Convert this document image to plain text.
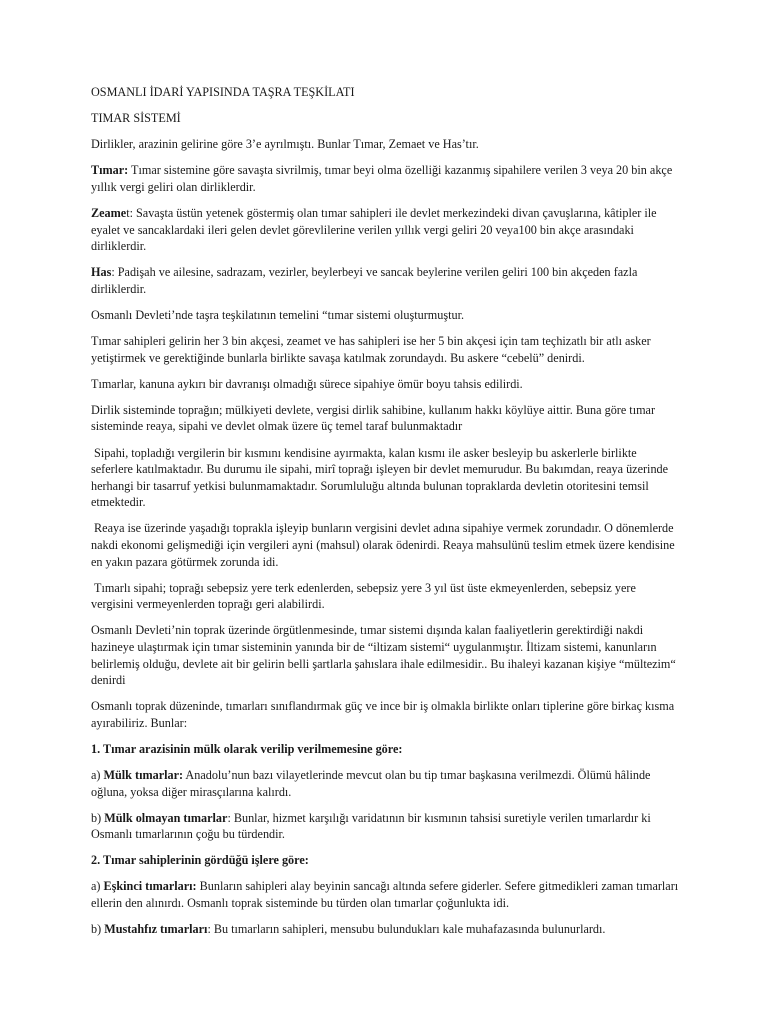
OSMANLI İDARİ YAPISINDA TAŞRA TEŞKİLATI

TIMAR SİSTEMİ

Dirlikler, arazinin gelirine göre 3’e ayrılmıştı. Bunlar Tımar, Zemaet ve Has’tır.

Tımar: Tımar sistemine göre savaşta sivrilmiş, tımar beyi olma özelliği kazanmış sipahilere verilen 3 veya 20 bin akçe yıllık vergi geliri olan dirliklerdir.

Zeamet: Savaşta üstün yetenek göstermiş olan tımar sahipleri ile devlet merkezindeki divan çavuşlarına, kâtipler ile eyalet ve sancaklardaki ileri gelen devlet görevlilerine verilen yıllık vergi geliri 20 veya100 bin akçe arasındaki dirliklerdir.

Has: Padişah ve ailesine, sadrazam, vezirler, beylerbeyi ve sancak beylerine verilen geliri 100 bin akçeden fazla dirliklerdir.

Osmanlı Devleti’nde taşra teşkilatının temelini “tımar sistemi oluşturmuştur.

Tımar sahipleri gelirin her 3 bin akçesi, zeamet ve has sahipleri ise her 5 bin akçesi için tam teçhizatlı bir atlı asker yetiştirmek ve gerektiğinde bunlarla birlikte savaşa katılmak zorundaydı. Bu askere “cebelü” denirdi.

Tımarlar, kanuna aykırı bir davranışı olmadığı sürece sipahiye ömür boyu tahsis edilirdi.

Dirlik sisteminde toprağın; mülkiyeti devlete, vergisi dirlik sahibine, kullanım hakkı köylüye aittir. Buna göre tımar sisteminde reaya, sipahi ve devlet olmak üzere üç temel taraf bulunmaktadır

Sipahi, topladığı vergilerin bir kısmını kendisine ayırmakta, kalan kısmı ile asker besleyip bu askerlerle birlikte seferlere katılmaktadır. Bu durumu ile sipahi, mirî toprağı işleyen bir devlet memurudur. Bu bakımdan, reaya üzerinde herhangi bir tasarruf yetkisi bulunmamaktadır. Sorumluluğu altında bulunan topraklarda devletin otoritesini temsil etmektedir.

Reaya ise üzerinde yaşadığı toprakla işleyip bunların vergisini devlet adına sipahiye vermek zorundadır. O dönemlerde nakdi ekonomi gelişmediği için vergileri ayni (mahsul) olarak ödenirdi. Reaya mahsulünü teslim etmek üzere kendisine en yakın pazara götürmek zorunda idi.

Tımarlı sipahi; toprağı sebepsiz yere terk edenlerden, sebepsiz yere 3 yıl üst üste ekmeyenlerden, sebepsiz yere vergisini vermeyenlerden toprağı geri alabilirdi.

Osmanlı Devleti’nin toprak üzerinde örgütlenmesinde, tımar sistemi dışında kalan faaliyetlerin gerektirdiği nakdi hazineye ulaştırmak için tımar sisteminin yanında bir de “iltizam sistemi“ uygulanmıştır. İltizam sistemi, kanunların belirlemiş olduğu, devlete ait bir gelirin belli şartlarla şahıslara ihale edilmesidir.. Bu ihaleyi kazanan kişiye “mültezim“ denirdi

Osmanlı toprak düzeninde, tımarları sınıflandırmak güç ve ince bir iş olmakla birlikte onları tiplerine göre birkaç kısma ayırabiliriz. Bunlar:

1. Tımar arazisinin mülk olarak verilip verilmemesine göre:

a) Mülk tımarlar: Anadolu’nun bazı vilayetlerinde mevcut olan bu tip tımar başkasına verilmezdi. Ölümü hâlinde oğluna, yoksa diğer mirasçılarına kalırdı.

b) Mülk olmayan tımarlar: Bunlar, hizmet karşılığı varidatının bir kısmının tahsisi suretiyle verilen tımarlardır ki Osmanlı tımarlarının çoğu bu türdendir.

2. Tımar sahiplerinin gördüğü işlere göre:

a) Eşkinci tımarları: Bunların sahipleri alay beyinin sancağı altında sefere giderler. Sefere gitmedikleri zaman tımarları ellerin den alınırdı. Osmanlı toprak sisteminde bu türden olan tımarlar çoğunlukta idi.

b) Mustahfız tımarları: Bu tımarların sahipleri, mensubu bulundukları kale muhafazasında bulunurlardı.
